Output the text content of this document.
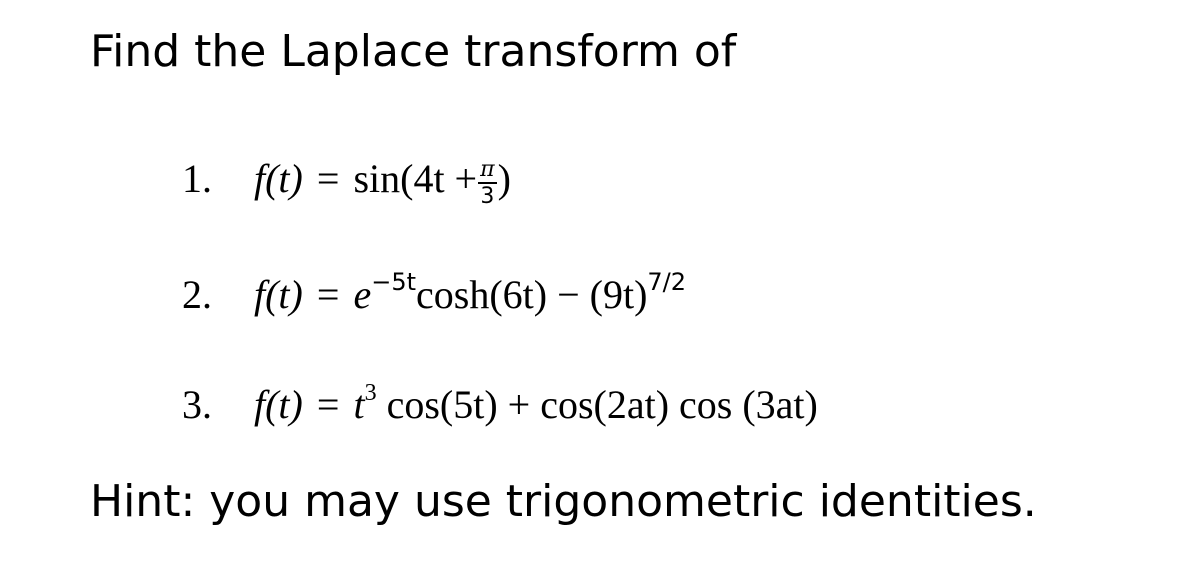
Find the Laplace transform of
1. $f(t) = \sin(4t + \frac{\pi}{3}$ )
2. $f(t) = e^{-5t}\cosh(6t) - (9t)^{7/2}$
3. $f(t) = t^3$ cos(5t) + cos(2at) cos (3at)
Hint: you may use trigonometric identities.
